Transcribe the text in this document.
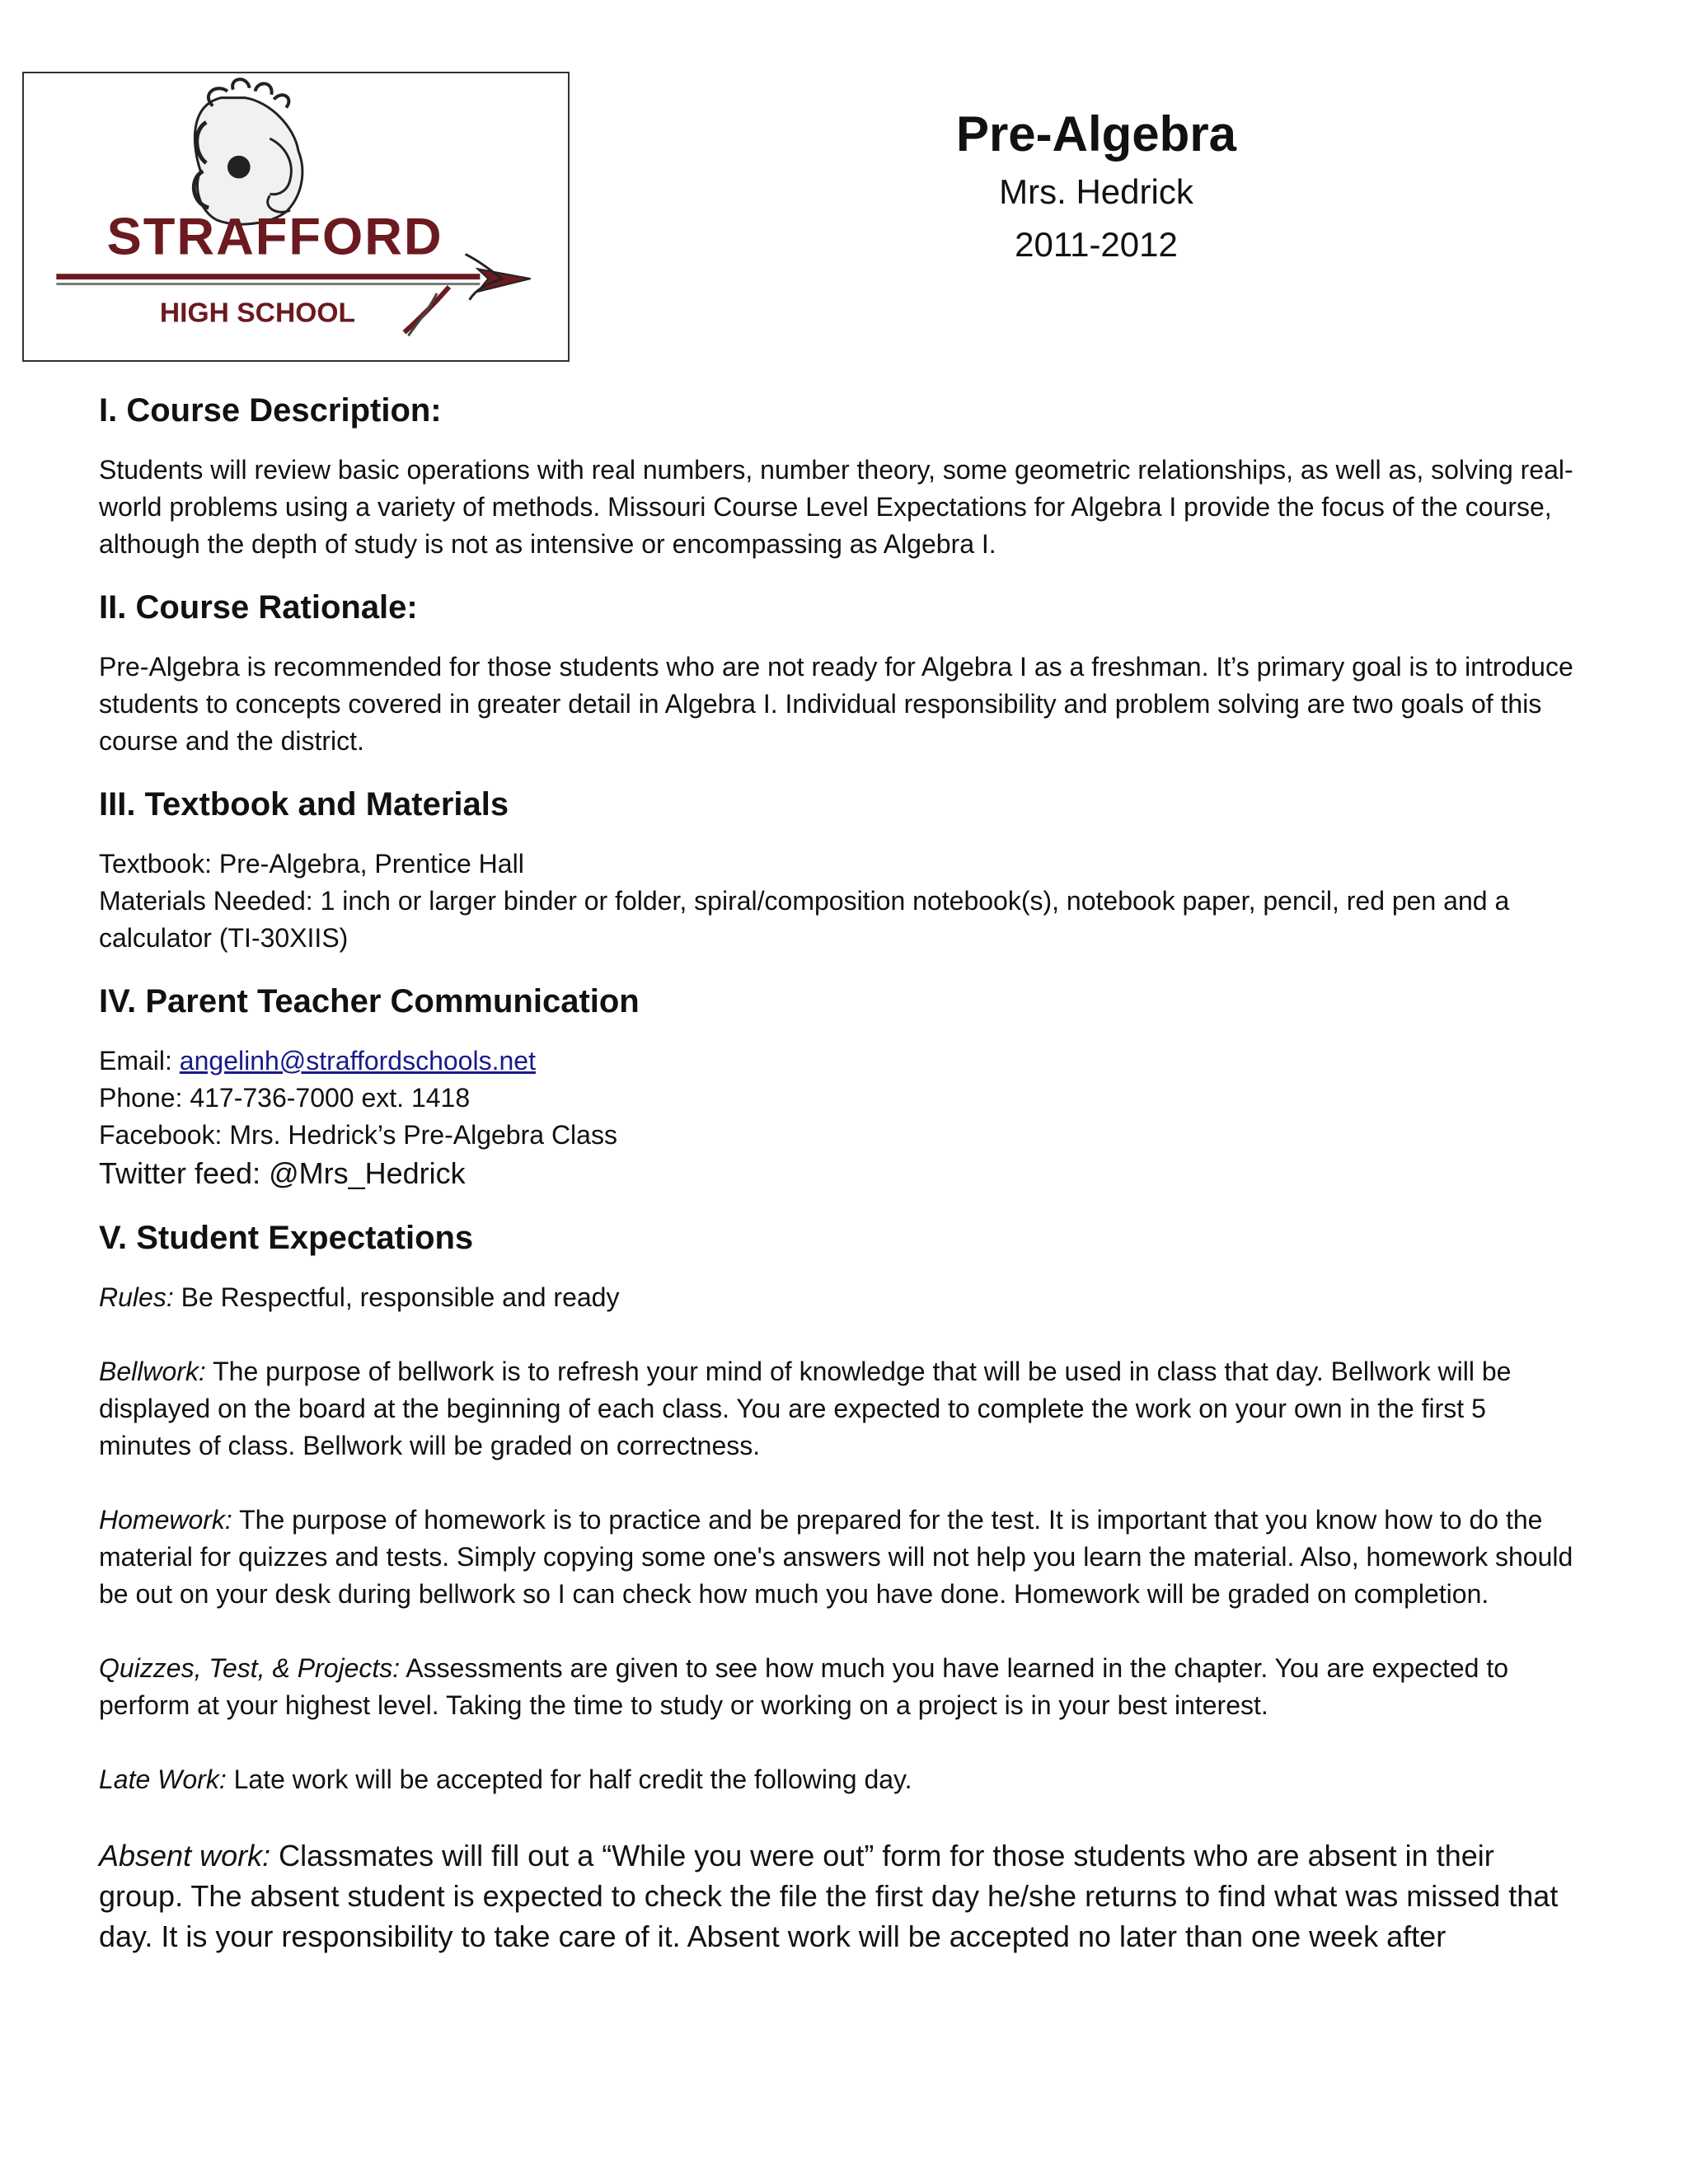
STRAFFORD
HIGH SCHOOL

Pre-Algebra

Mrs. Hedrick

2011-2012

I. Course Description:

Students will review basic operations with real numbers, number theory, some geometric relationships, as well as, solving real-world problems using a variety of methods. Missouri Course Level Expectations for Algebra I provide the focus of the course, although the depth of study is not as intensive or encompassing as Algebra I.

II. Course Rationale:

Pre-Algebra is recommended for those students who are not ready for Algebra I as a freshman. It’s primary goal is to introduce students to concepts covered in greater detail in Algebra I. Individual responsibility and problem solving are two goals of this course and the district.

III. Textbook and Materials

Textbook: Pre-Algebra, Prentice Hall

Materials Needed: 1 inch or larger binder or folder, spiral/composition notebook(s), notebook paper, pencil, red pen and a calculator (TI-30XIIS)

IV. Parent Teacher Communication

Email: angelinh@straffordschools.net

Phone: 417-736-7000 ext. 1418

Facebook: Mrs. Hedrick’s Pre-Algebra Class

Twitter feed: @Mrs_Hedrick

V. Student Expectations

Rules: Be Respectful, responsible and ready

Bellwork: The purpose of bellwork is to refresh your mind of knowledge that will be used in class that day. Bellwork will be displayed on the board at the beginning of each class. You are expected to complete the work on your own in the first 5 minutes of class. Bellwork will be graded on correctness.

Homework: The purpose of homework is to practice and be prepared for the test. It is important that you know how to do the material for quizzes and tests. Simply copying some one's answers will not help you learn the material. Also, homework should be out on your desk during bellwork so I can check how much you have done. Homework will be graded on completion.

Quizzes, Test, & Projects: Assessments are given to see how much you have learned in the chapter. You are expected to perform at your highest level. Taking the time to study or working on a project is in your best interest.

Late Work: Late work will be accepted for half credit the following day.

Absent work: Classmates will fill out a “While you were out” form for those students who are absent in their group. The absent student is expected to check the file the first day he/she returns to find what was missed that day. It is your responsibility to take care of it. Absent work will be accepted no later than one week after
